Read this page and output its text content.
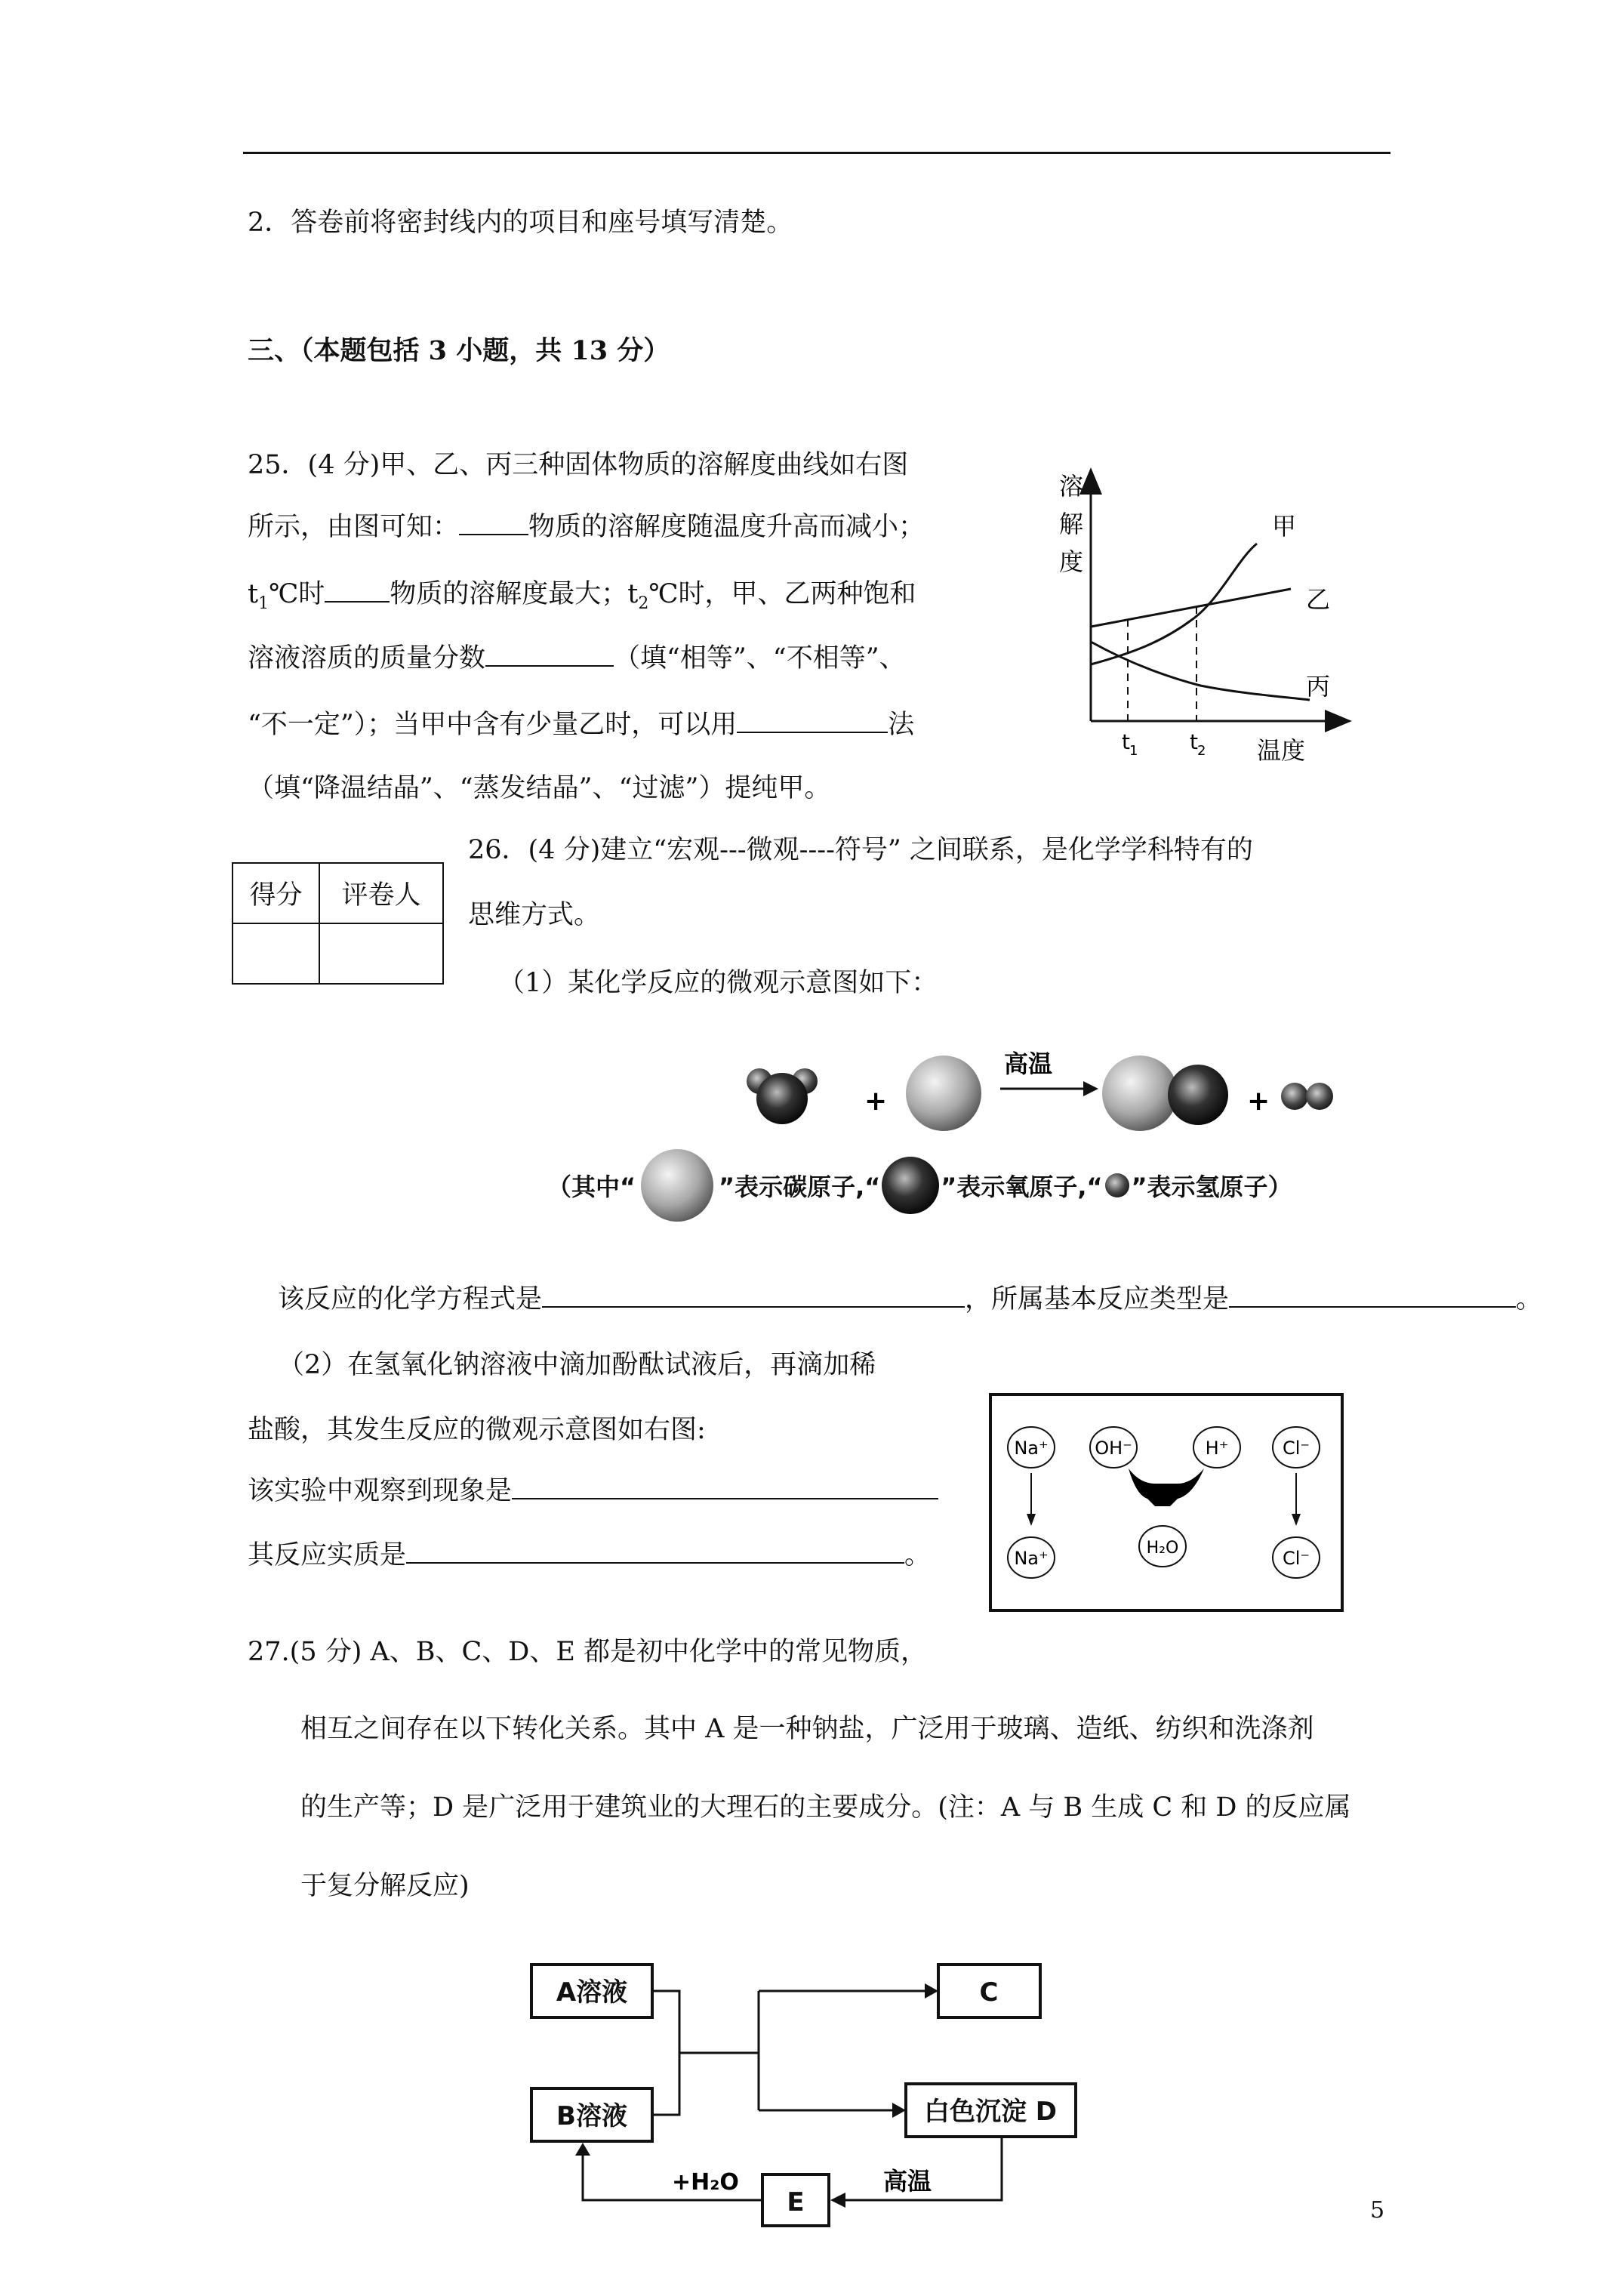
2．答卷前将密封线内的项目和座号填写清楚。
三、（本题包括 3 小题，共 13 分）
25．(4 分)甲、乙、丙三种固体物质的溶解度曲线如右图
所示，由图可知：	物质的溶解度随温度升高而减小；
$t_1℃$时 物质的溶解度最大；$t_2℃$时，甲、乙两种饱和
溶液溶质的质量分数	（填“相等”、“不相等”、
“不一定”）；当甲中含有少量乙时，可以用	法
（填“降温结晶”、“蒸发结晶”、“过滤”）提纯甲。
溶
解
度
甲
乙
丙
t 1 t 2 温度
得分	评卷人

26．(4 分)建立“宏观---微观----符号” 之间联系，是化学学科特有的
思维方式。
（1）某化学反应的微观示意图如下：
+
高温
+
（其中“	”表示碳原子,“	”表示氧原子,“ ”表示氢原子）
该反应的化学方程式是	，所属基本反应类型是	。
（2）在氢氧化钠溶液中滴加酚酞试液后，再滴加稀
盐酸，其发生反应的微观示意图如右图:
该实验中观察到现象是
其反应实质是	。
Na⁺	OH⁻	H⁺	Cl⁻
Na⁺	H₂O	Cl⁻
27.(5 分) A、B、C、D、E 都是初中化学中的常见物质，
相互之间存在以下转化关系。其中 A 是一种钠盐，广泛用于玻璃、造纸、纺织和洗涤剂
的生产等；D 是广泛用于建筑业的大理石的主要成分。(注：A 与 B 生成 C 和 D 的反应属
于复分解反应)
A溶液
B溶液
C
白色沉淀 D
E
+H₂O	高温
5
